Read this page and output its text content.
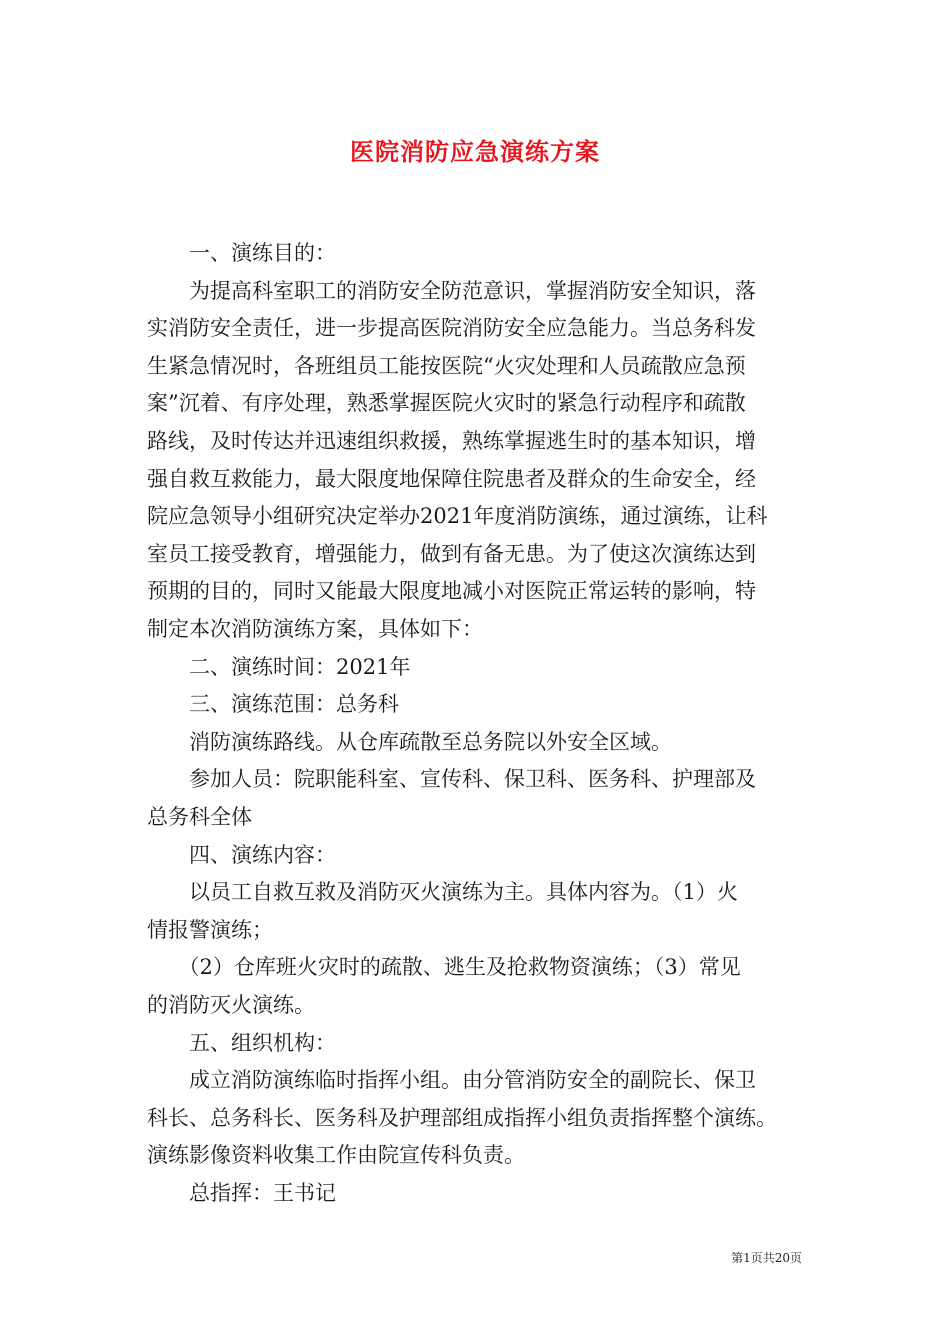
医院消防应急演练方案

　　一、演练目的：

　　为提高科室职工的消防安全防范意识，掌握消防安全知识，落

实消防安全责任，进一步提高医院消防安全应急能力。当总务科发

生紧急情况时，各班组员工能按医院“火灾处理和人员疏散应急预

案”沉着、有序处理，熟悉掌握医院火灾时的紧急行动程序和疏散

路线，及时传达并迅速组织救援，熟练掌握逃生时的基本知识，增

强自救互救能力，最大限度地保障住院患者及群众的生命安全，经

院应急领导小组研究决定举办2021年度消防演练，通过演练，让科

室员工接受教育，增强能力，做到有备无患。为了使这次演练达到

预期的目的，同时又能最大限度地减小对医院正常运转的影响，特

制定本次消防演练方案，具体如下：

　　二、演练时间：2021年

　　三、演练范围：总务科

　　消防演练路线。从仓库疏散至总务院以外安全区域。

　　参加人员：院职能科室、宣传科、保卫科、医务科、护理部及

总务科全体

　　四、演练内容：

　　以员工自救互救及消防灭火演练为主。具体内容为。（1）火

情报警演练；

　　（2）仓库班火灾时的疏散、逃生及抢救物资演练；（3）常见

的消防灭火演练。

　　五、组织机构：

　　成立消防演练临时指挥小组。由分管消防安全的副院长、保卫

科长、总务科长、医务科及护理部组成指挥小组负责指挥整个演练。

演练影像资料收集工作由院宣传科负责。

　　总指挥：王书记

第1页共20页
